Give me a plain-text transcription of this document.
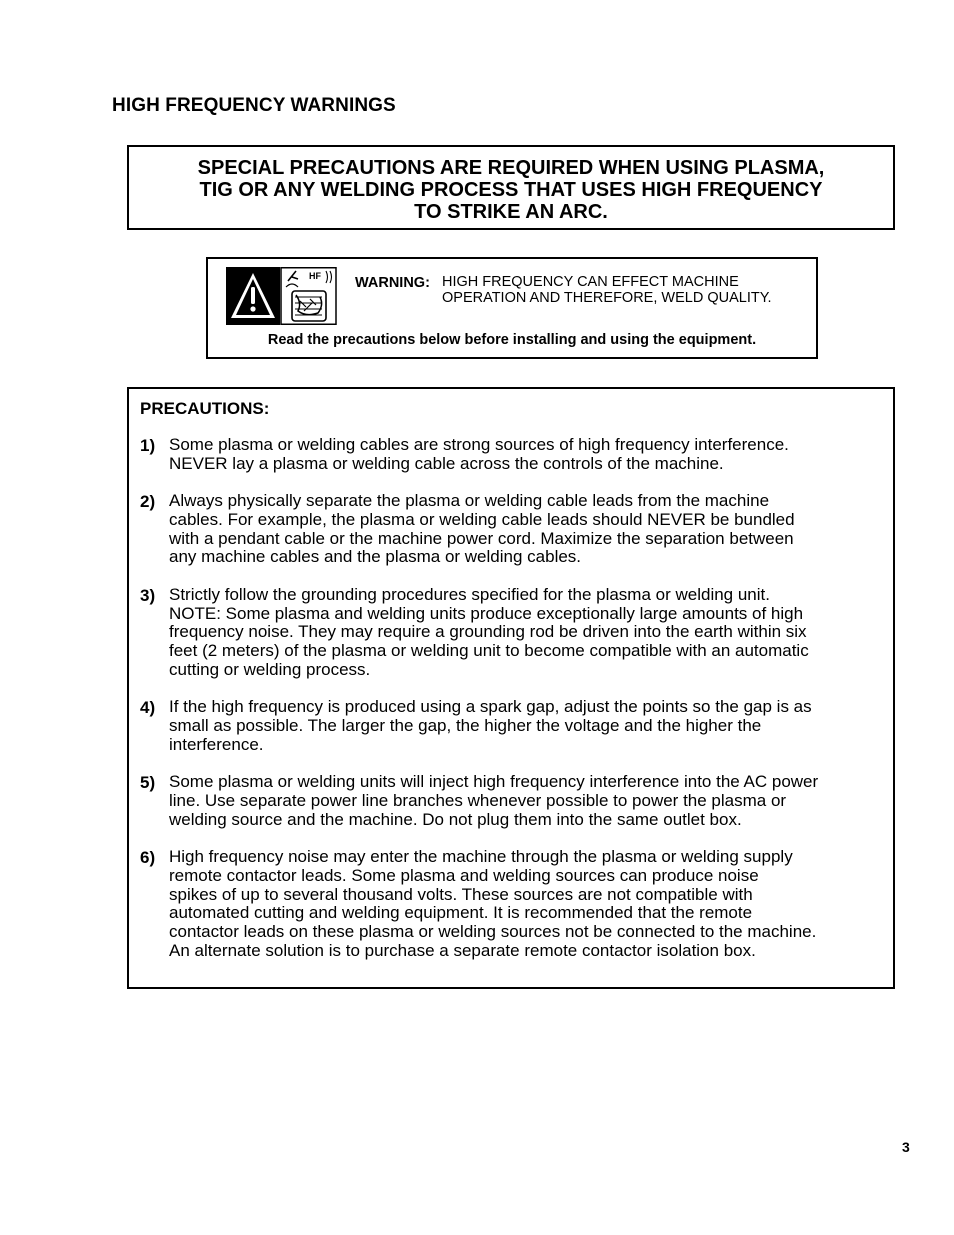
HIGH FREQUENCY WARNINGS
SPECIAL PRECAUTIONS ARE REQUIRED WHEN USING PLASMA,
TIG OR ANY WELDING PROCESS THAT USES HIGH FREQUENCY
TO STRIKE AN ARC.
HF WARNING: HIGH FREQUENCY CAN EFFECT MACHINE
OPERATION AND THEREFORE, WELD QUALITY.
Read the precautions below before installing and using the equipment.
PRECAUTIONS:
1) Some plasma or welding cables are strong sources of high frequency interference.
NEVER lay a plasma or welding cable across the controls of the machine.
2) Always physically separate the plasma or welding cable leads from the machine
cables. For example, the plasma or welding cable leads should NEVER be bundled
with a pendant cable or the machine power cord. Maximize the separation between
any machine cables and the plasma or welding cables.
3) Strictly follow the grounding procedures specified for the plasma or welding unit.
NOTE: Some plasma and welding units produce exceptionally large amounts of high
frequency noise. They may require a grounding rod be driven into the earth within six
feet (2 meters) of the plasma or welding unit to become compatible with an automatic
cutting or welding process.
4) If the high frequency is produced using a spark gap, adjust the points so the gap is as
small as possible. The larger the gap, the higher the voltage and the higher the
interference.
5) Some plasma or welding units will inject high frequency interference into the AC power
line. Use separate power line branches whenever possible to power the plasma or
welding source and the machine. Do not plug them into the same outlet box.
6) High frequency noise may enter the machine through the plasma or welding supply
remote contactor leads. Some plasma and welding sources can produce noise
spikes of up to several thousand volts. These sources are not compatible with
automated cutting and welding equipment. It is recommended that the remote
contactor leads on these plasma or welding sources not be connected to the machine.
An alternate solution is to purchase a separate remote contactor isolation box.
3
